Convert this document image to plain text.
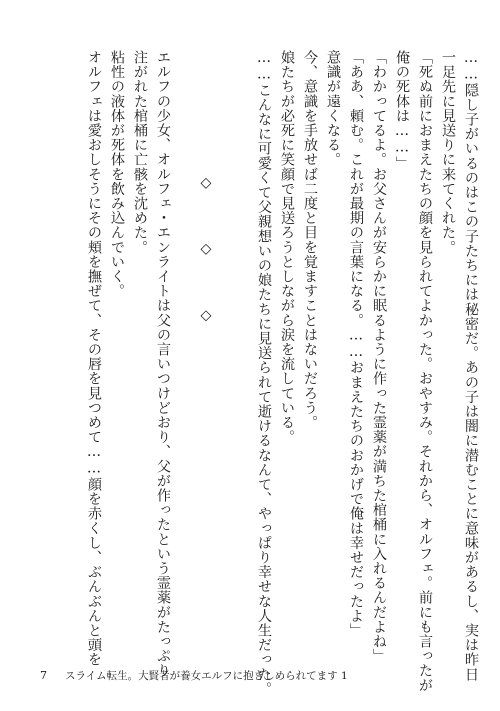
……隠し子がいるのはこの子たちには秘密だ。あの子は闇に潜むことに意味があるし、実は昨日
一足先に見送りに来てくれた。
「死ぬ前におまえたちの顔を見られてよかった。おやすみ。それから、オルフェ。前にも言ったが
俺の死体は……」
「わかってるよ。お父さんが安らかに眠るように作った霊薬が満ちた棺桶に入れるんだよね」
「ああ、頼む。これが最期の言葉になる。……おまえたちのおかげで俺は幸せだったよ」
意識が遠くなる。
今、意識を手放せば二度と目を覚ますことはないだろう。
娘たちが必死に笑顔で見送ろうとしながら涙を流している。
……こんなに可愛くて父親想いの娘たちに見送られて逝けるなんて、やっぱり幸せな人生だった。
◇　◇　◇
エルフの少女、オルフェ・エンライトは父の言いつけどおり、父が作ったという霊薬がたっぷり
注がれた棺桶に亡骸を沈めた。
粘性の液体が死体を飲み込んでいく。
オルフェは愛おしそうにその頬を撫ぜて、その唇を見つめて……顔を赤くし、ぶんぶんと頭を
7 スライム転生。大賢者が養女エルフに抱きしめられてます 1
